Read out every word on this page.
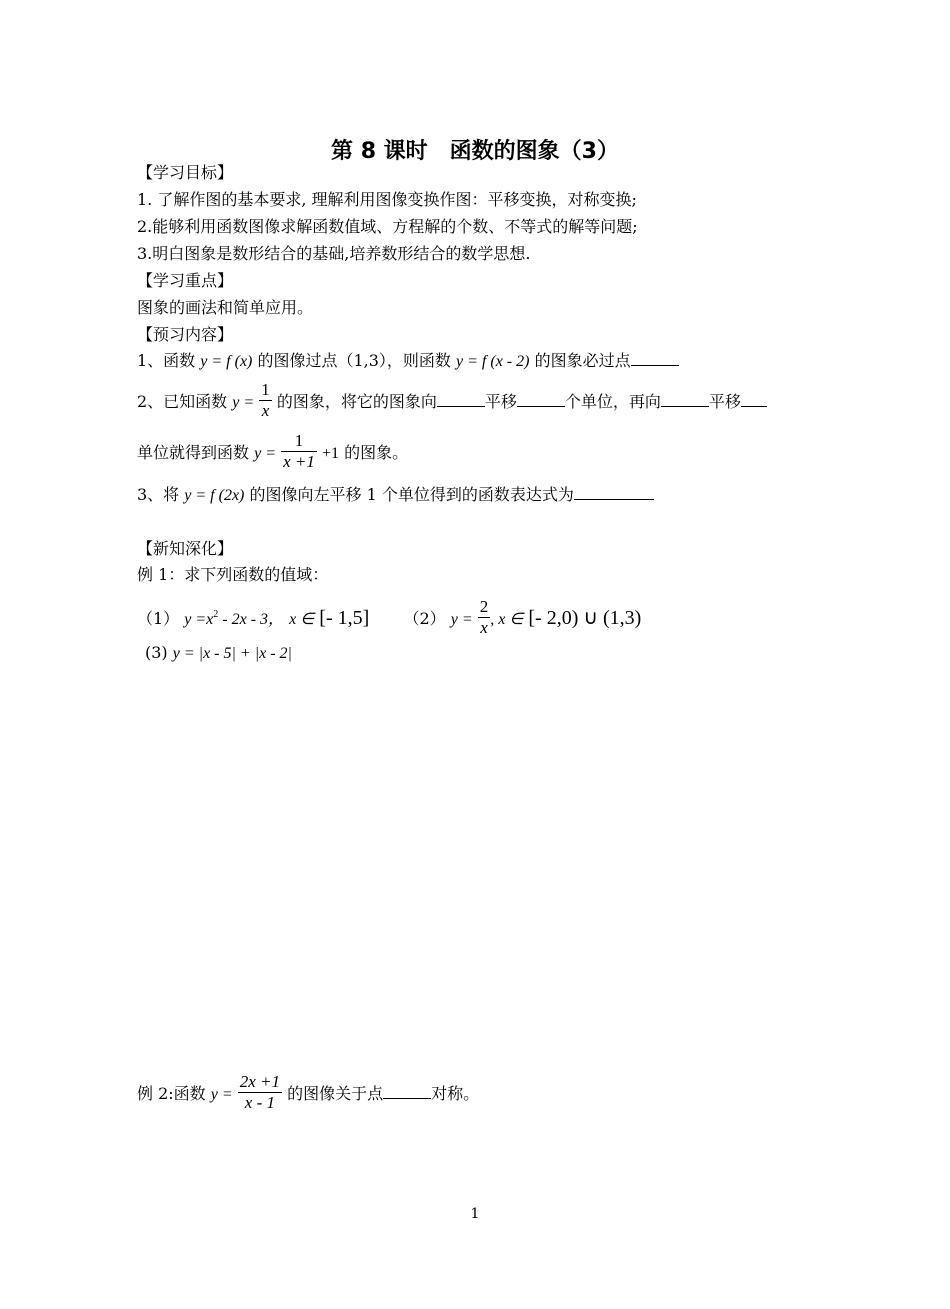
第 8 课时　函数的图象（3）
【学习目标】
1. 了解作图的基本要求, 理解利用图像变换作图：平移变换，对称变换;
2.能够利用函数图像求解函数值域、方程解的个数、不等式的解等问题;
3.明白图象是数形结合的基础,培养数形结合的数学思想.
【学习重点】
图象的画法和简单应用。
【预习内容】
1、函数 y = f (x) 的图像过点（1,3），则函数 y = f (x - 2) 的图象必过点
2、已知函数 $y = \frac{1}{x}$ 的图象，将它的图象向	平移	个单位，再向	平移
单位就得到函数 $y = \frac{1}{x +1} +1$ 的图象。
3、将 y = f (2x) 的图像向左平移 1 个单位得到的函数表达式为
【新知深化】
例 1：求下列函数的值域：
（1） $y =x^2 - 2x - 3$， x ∈ [- 1,5] （2） $y = \frac{2}{x}$ , x ∈ [- 2,0) ∪ (1,3)
(3) y = |x - 5| + |x - 2|
例 2:函数 $y = \frac{2x +1}{x - 1}$ 的图像关于点	对称。
1
